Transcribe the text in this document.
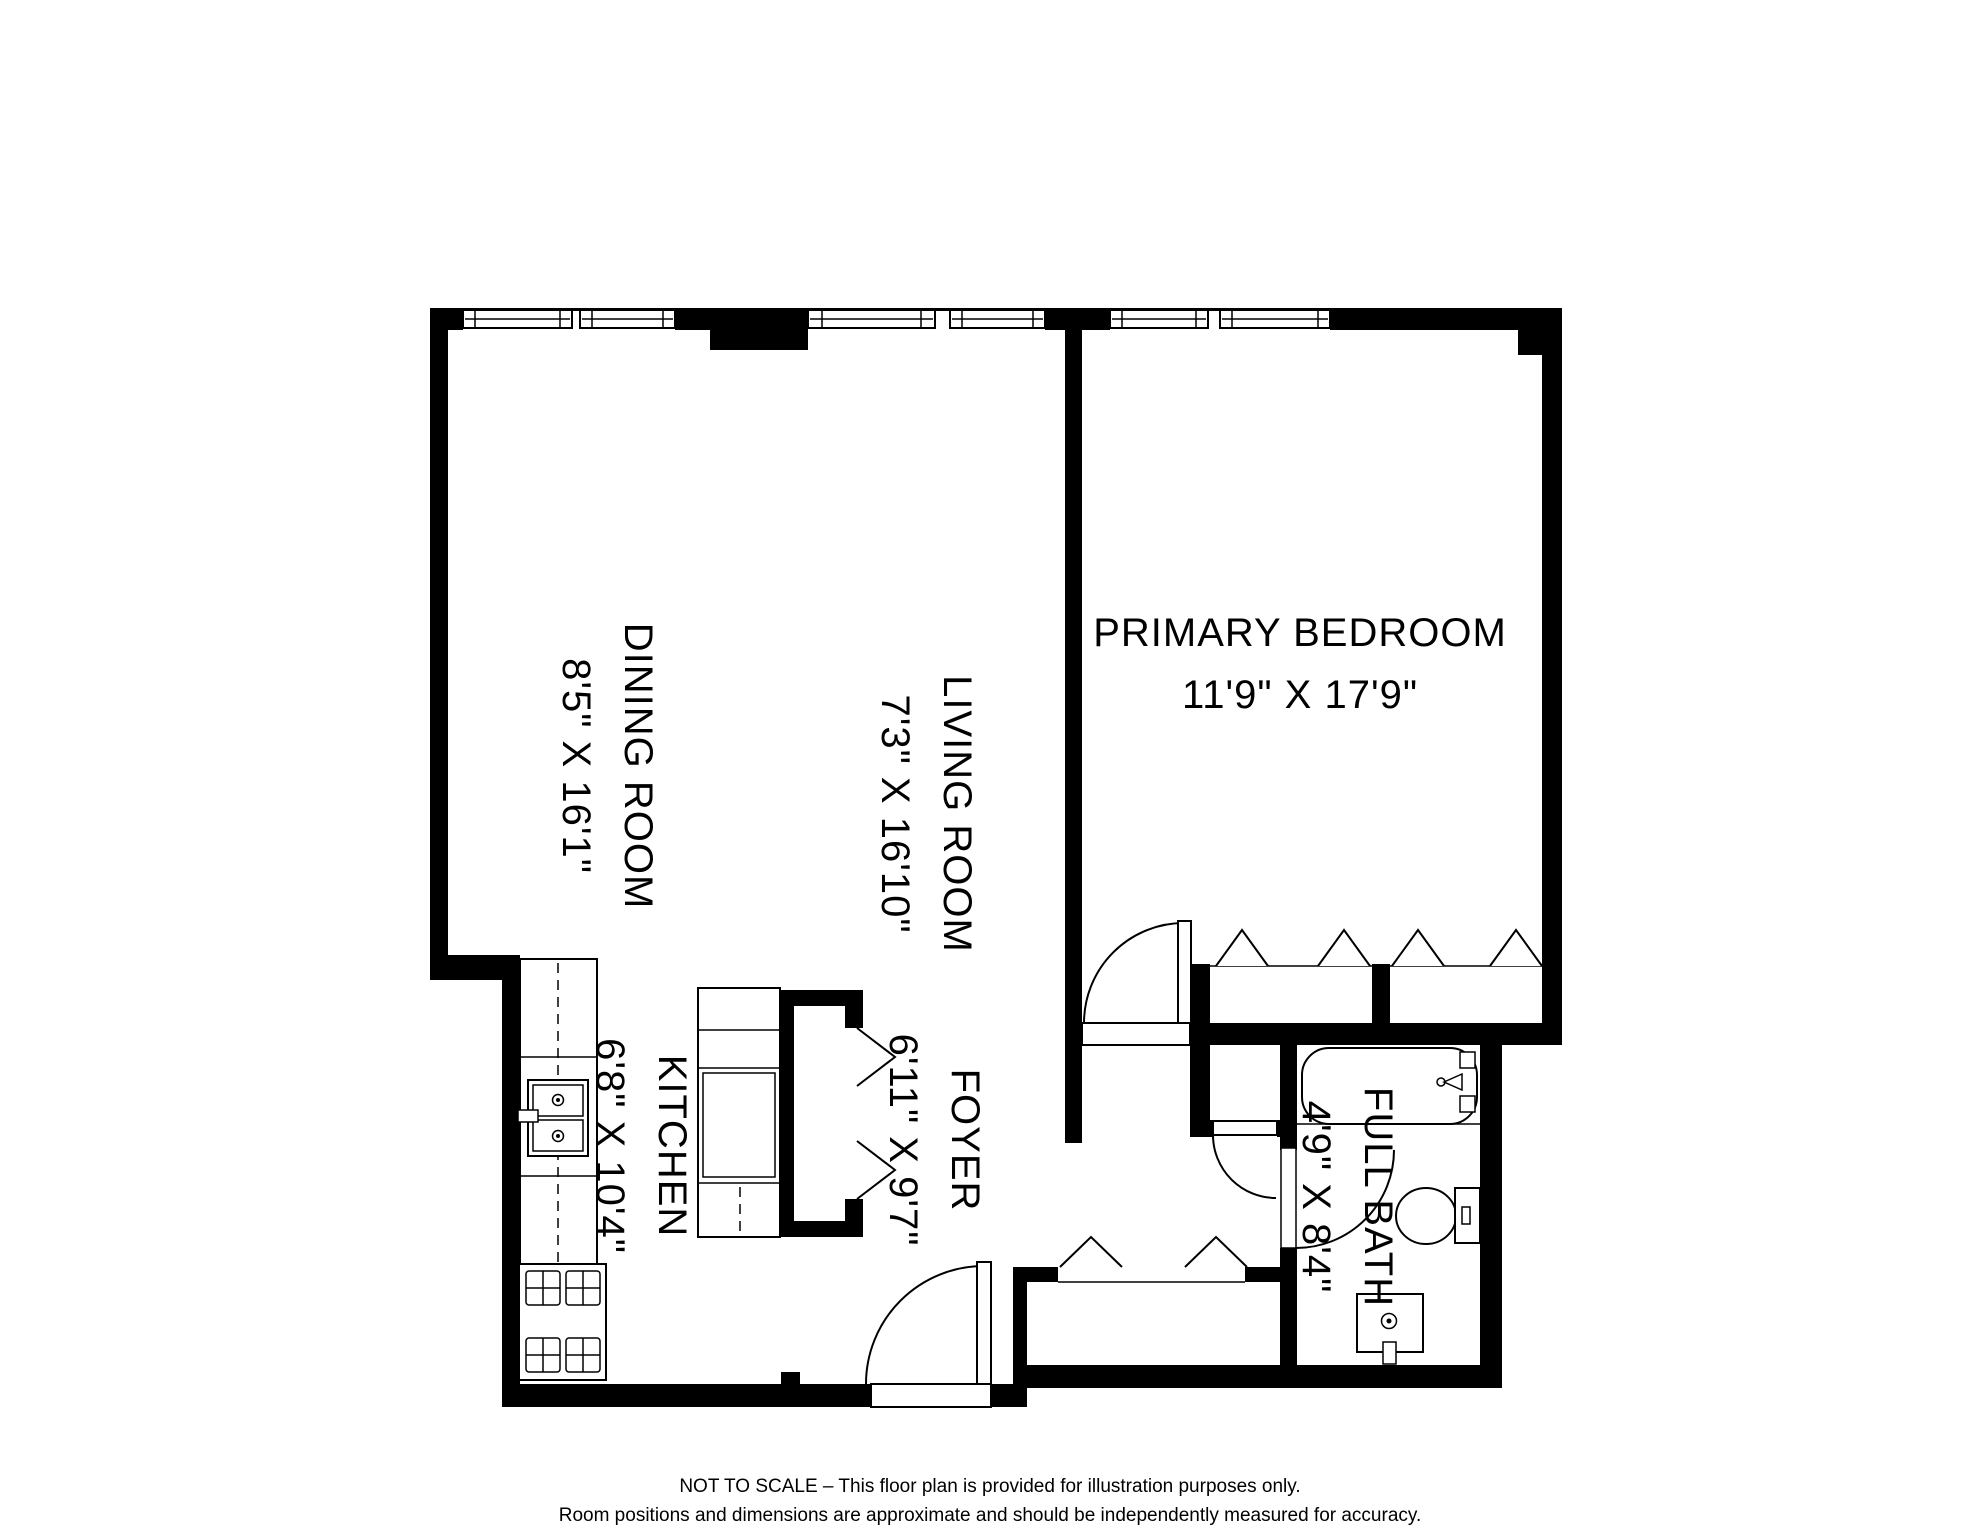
DINING ROOM
8'5" X 16'1"	LIVING ROOM
7'3" X 16'10"
PRIMARY BEDROOM
11'9" X 17'9"
KITCHEN
6'8" X 10'4"	FOYER
6'11" X 9'7"	FULL BATH
4'9" X 8'4"
NOT TO SCALE – This floor plan is provided for illustration purposes only.
Room positions and dimensions are approximate and should be independently measured for accuracy.
